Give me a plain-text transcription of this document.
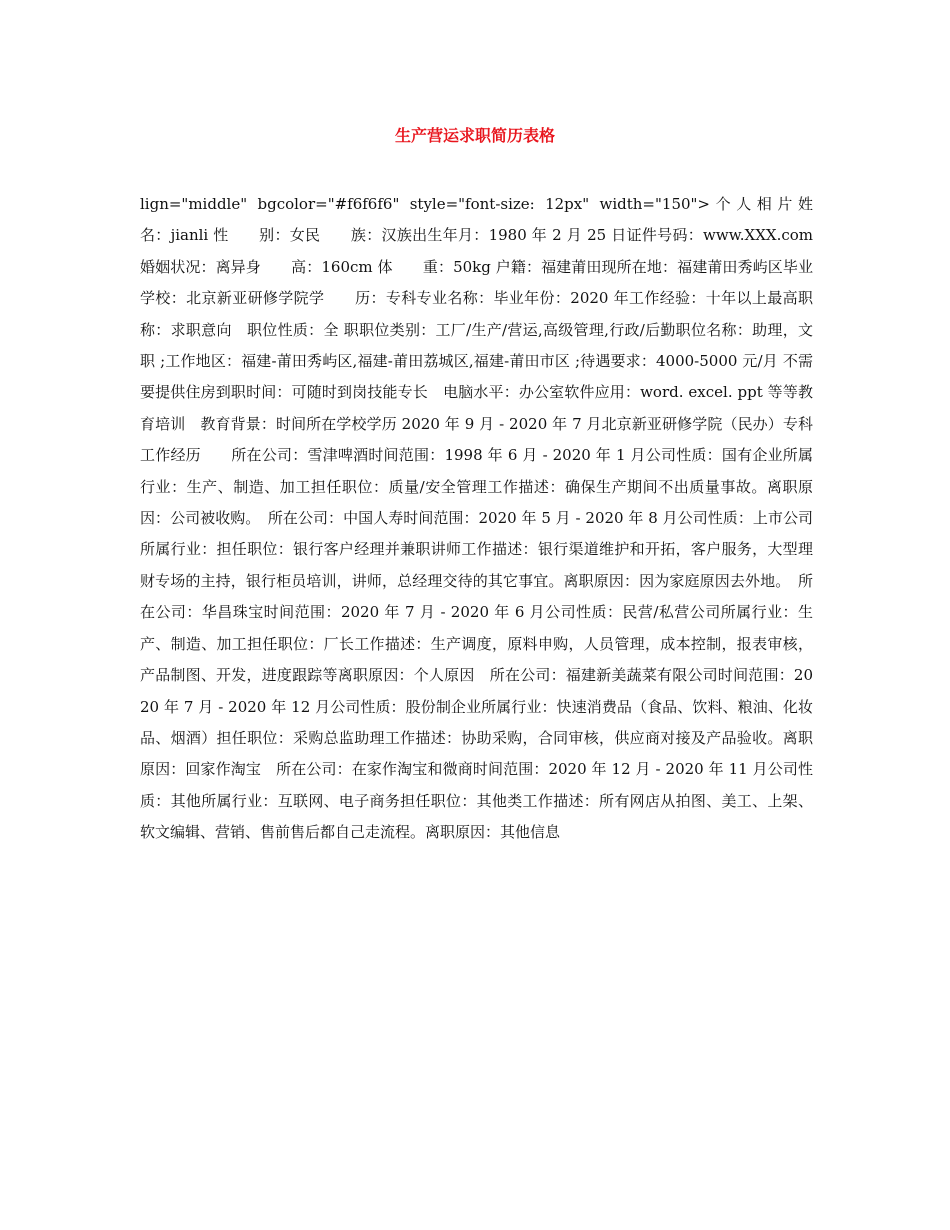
生产营运求职简历表格

lign="middle" bgcolor="#f6f6f6" style="font-size: 12px" width="150">个人相片姓　　名：jianli 性　　别：女民　　族：汉族出生年月：1980 年 2 月 25 日证件号码：www.XXX.com 婚姻状况：离异身　　高：160cm 体　　重：50kg 户籍：福建莆田现所在地：福建莆田秀屿区毕业学校：北京新亚研修学院学　　历：专科专业名称：毕业年份：2020 年工作经验：十年以上最高职称：求职意向　职位性质：全 职职位类别：工厂/生产/营运,高级管理,行政/后勤职位名称：助理，文职 ;工作地区：福建-莆田秀屿区,福建-莆田荔城区,福建-莆田市区 ;待遇要求：4000-5000 元/月 不需要提供住房到职时间：可随时到岗技能专长　电脑水平：办公室软件应用：word. excel. ppt 等等教育培训　教育背景：时间所在学校学历 2020 年 9 月 - 2020 年 7 月北京新亚研修学院（民办）专科工作经历　　所在公司：雪津啤酒时间范围：1998 年 6 月 - 2020 年 1 月公司性质：国有企业所属行业：生产、制造、加工担任职位：质量/安全管理工作描述：确保生产期间不出质量事故。离职原因：公司被收购。　所在公司：中国人寿时间范围：2020 年 5 月 - 2020 年 8 月公司性质：上市公司所属行业：担任职位：银行客户经理并兼职讲师工作描述：银行渠道维护和开拓，客户服务，大型理财专场的主持，银行柜员培训，讲师，总经理交待的其它事宜。离职原因：因为家庭原因去外地。　所在公司：华昌珠宝时间范围：2020 年 7 月 - 2020 年 6 月公司性质：民营/私营公司所属行业：生产、制造、加工担任职位：厂长工作描述：生产调度，原料申购，人员管理，成本控制，报表审核，产品制图、开发，进度跟踪等离职原因：个人原因　所在公司：福建新美蔬菜有限公司时间范围：2020 年 7 月 - 2020 年 12 月公司性质：股份制企业所属行业：快速消费品（食品、饮料、粮油、化妆品、烟酒）担任职位：采购总监助理工作描述：协助采购，合同审核，供应商对接及产品验收。离职原因：回家作淘宝　所在公司：在家作淘宝和微商时间范围：2020 年 12 月 - 2020 年 11 月公司性质：其他所属行业：互联网、电子商务担任职位：其他类工作描述：所有网店从拍图、美工、上架、软文编辑、营销、售前售后都自己走流程。离职原因：其他信息
